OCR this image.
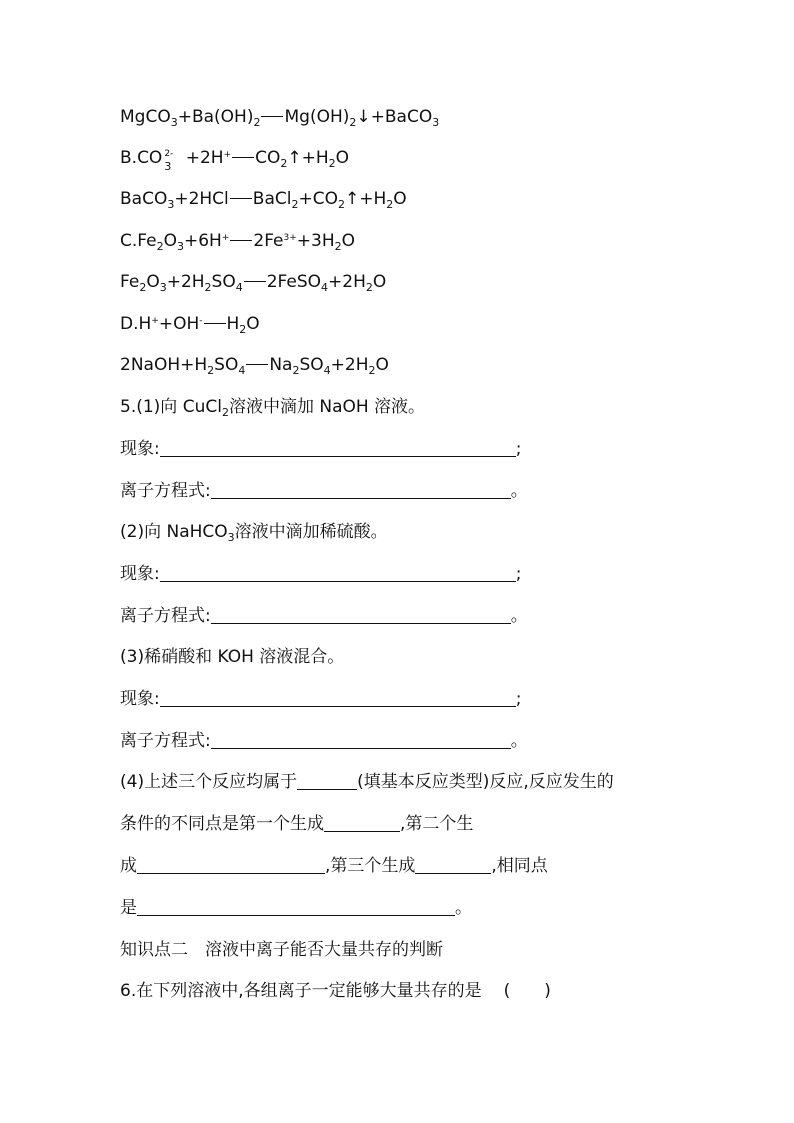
$MgCO_3+Ba(OH)_2$ $Mg(OH)_2↓+BaCO_3$
B.CO 2-
3 +2H+ $CO_2↑+H_2O$
BaCO$_3$+2HCl $BaCl_2+CO_2↑+H_2O$
$C.Fe_2O_3+6H^+$ $2Fe^{3+}+3H_2O$
$Fe_2O_3+2H_2SO_4$ $2FeSO_4+2H_2O$
D.H++OH- $H_2O$
$2NaOH+H_2SO_4$ $Na_2SO_4+2H_2O$
5.(1)向 CuCl$_2$溶液中滴加 NaOH 溶液。
现象:	;
离子方程式:	。
(2)向 NaHCO$_3$溶液中滴加稀硫酸。
现象:	;
离子方程式:	。
(3)稀硝酸和 KOH 溶液混合。
现象:	;
离子方程式:	。
(4)上述三个反应均属于	(填基本反应类型)反应,反应发生的
条件的不同点是第一个生成	,第二个生
成	,第三个生成	,相同点
是	。
知识点二　溶液中离子能否大量共存的判断
6.在下列溶液中,各组离子一定能够大量共存的是 (　　)
